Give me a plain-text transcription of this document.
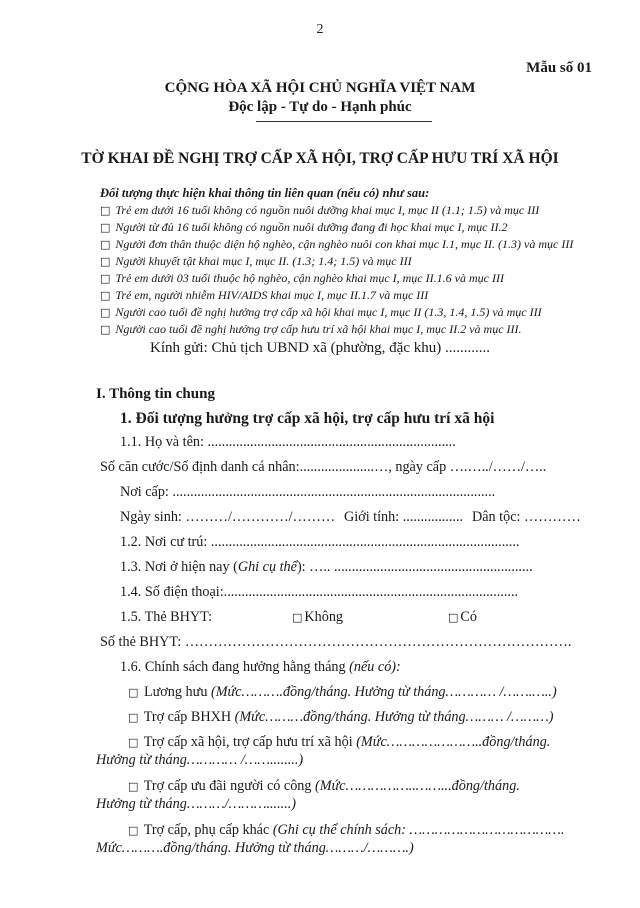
2
Mẫu số 01
CỘNG HÒA XÃ HỘI CHỦ NGHĨA VIỆT NAM
Độc lập - Tự do - Hạnh phúc
TỜ KHAI ĐỀ NGHỊ TRỢ CẤP XÃ HỘI, TRỢ CẤP HƯU TRÍ XÃ HỘI
Đối tượng thực hiện khai thông tin liên quan (nếu có) như sau:
□ Trẻ em dưới 16 tuổi không có nguồn nuôi dưỡng khai mục I, mục II (1.1; 1.5) và mục III
□ Người từ đủ 16 tuổi không có nguồn nuôi dưỡng đang đi học khai mục I, mục II.2
□ Người đơn thân thuộc diện hộ nghèo, cận nghèo nuôi con khai mục I.1, mục II. (1.3) và mục III
□ Người khuyết tật khai mục I, mục II. (1.3; 1.4; 1.5) và mục III
□ Trẻ em dưới 03 tuổi thuộc hộ nghèo, cận nghèo khai mục I, mục II.1.6 và mục III
□ Trẻ em, người nhiễm HIV/AIDS khai mục I, mục II.1.7 và mục III
□ Người cao tuổi đề nghị hưởng trợ cấp xã hội khai mục I, mục II (1.3, 1.4, 1.5) và mục III
□ Người cao tuổi đề nghị hưởng trợ cấp hưu trí xã hội khai mục I, mục II.2 và mục III.
Kính gửi: Chủ tịch UBND xã (phường, đặc khu) ............
I. Thông tin chung
1. Đối tượng hưởng trợ cấp xã hội, trợ cấp hưu trí xã hội
1.1. Họ và tên: ......................................................................
Số căn cước/Số định danh cá nhân:.....................…, ngày cấp ….…../……/…..
Nơi cấp: ...........................................................................................
Ngày sinh: ………/…………/……… Giới tính: ................. Dân tộc: …………
1.2. Nơi cư trú: .......................................................................................
1.3. Nơi ở hiện nay (Ghi cụ thể): ….. ........................................................
1.4. Số điện thoại:...................................................................................
1.5. Thẻ BHYT:	□ Không	□ Có
Số thẻ BHYT: ……………………………………………………………………….
1.6. Chính sách đang hưởng hằng tháng (nếu có):
□ Lương hưu (Mức……….đồng/tháng. Hưởng từ tháng………… /…….…..)
□ Trợ cấp BHXH (Mức………đồng/tháng. Hưởng từ tháng……… /………)
□ Trợ cấp xã hội, trợ cấp hưu trí xã hội (Mức…………………..đồng/tháng.
Hưởng từ tháng………… /……........)
□ Trợ cấp ưu đãi người có công (Mức……………..……...đồng/tháng.
Hưởng từ tháng………/……….......)
□ Trợ cấp, phụ cấp khác (Ghi cụ thể chính sách: ……………………………….
Mức……….đồng/tháng. Hưởng từ tháng………/……….)
